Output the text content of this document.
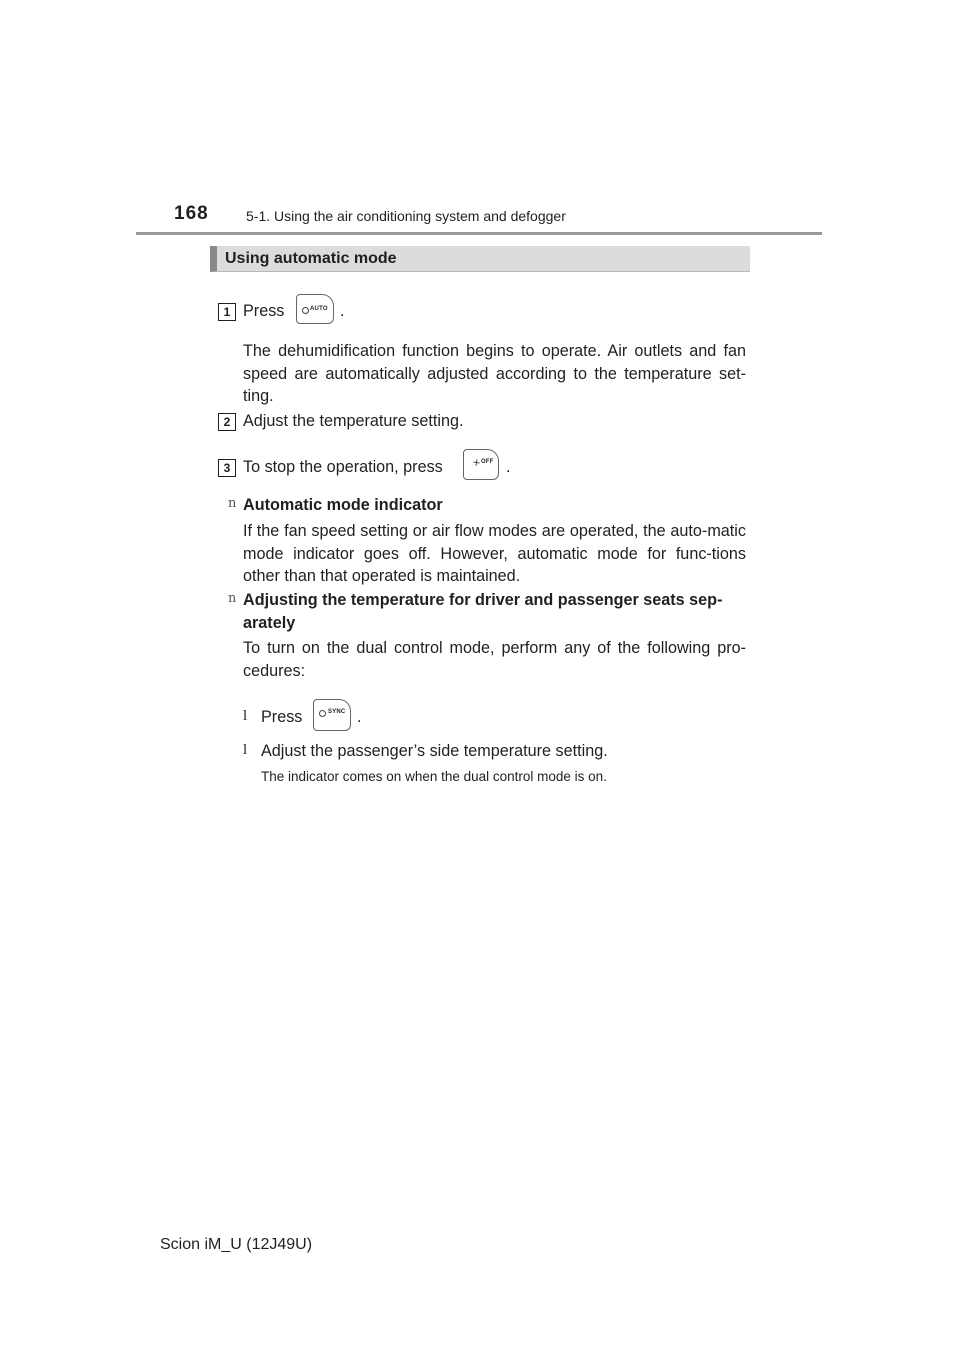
168	5-1. Using the air conditioning system and defogger
Using automatic mode
1 Press	AUTO .
The dehumidification function begins to operate. Air outlets and fan speed are automatically adjusted according to the temperature set-ting.
2 Adjust the temperature setting.
3 To stop the operation, press	OFF .
n Automatic mode indicator
If the fan speed setting or air flow modes are operated, the auto-matic mode indicator goes off. However, automatic mode for func-tions other than that operated is maintained.
n Adjusting the temperature for driver and passenger seats sep-
arately
To turn on the dual control mode, perform any of the following pro-cedures:
l Press	SYNC .
l Adjust the passenger’s side temperature setting.
The indicator comes on when the dual control mode is on.
Scion iM_U (12J49U)
